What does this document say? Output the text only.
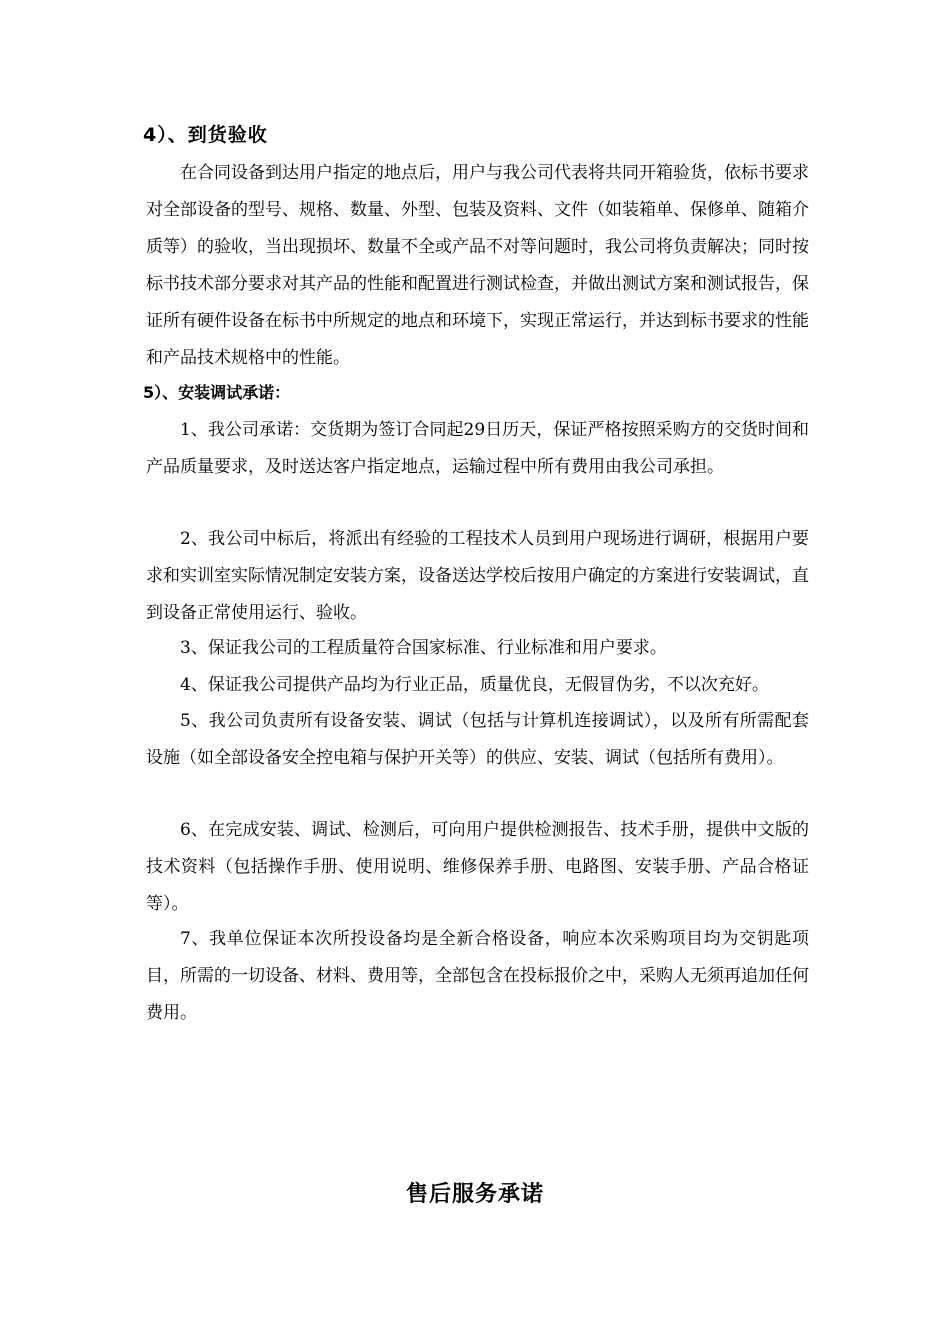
4）、到货验收

在合同设备到达用户指定的地点后，用户与我公司代表将共同开箱验货，依标书要求对全部设备的型号、规格、数量、外型、包装及资料、文件（如装箱单、保修单、随箱介质等）的验收，当出现损坏、数量不全或产品不对等问题时，我公司将负责解决；同时按标书技术部分要求对其产品的性能和配置进行测试检查，并做出测试方案和测试报告，保证所有硬件设备在标书中所规定的地点和环境下，实现正常运行，并达到标书要求的性能和产品技术规格中的性能。

5）、安装调试承诺：

1、我公司承诺：交货期为签订合同起29日历天，保证严格按照采购方的交货时间和产品质量要求，及时送达客户指定地点，运输过程中所有费用由我公司承担。

2、我公司中标后，将派出有经验的工程技术人员到用户现场进行调研，根据用户要求和实训室实际情况制定安装方案，设备送达学校后按用户确定的方案进行安装调试，直到设备正常使用运行、验收。

3、保证我公司的工程质量符合国家标准、行业标准和用户要求。

4、保证我公司提供产品均为行业正品，质量优良，无假冒伪劣，不以次充好。

5、我公司负责所有设备安装、调试（包括与计算机连接调试），以及所有所需配套设施（如全部设备安全控电箱与保护开关等）的供应、安装、调试（包括所有费用）。

6、在完成安装、调试、检测后，可向用户提供检测报告、技术手册，提供中文版的技术资料（包括操作手册、使用说明、维修保养手册、电路图、安装手册、产品合格证等）。

7、我单位保证本次所投设备均是全新合格设备，响应本次采购项目均为交钥匙项目，所需的一切设备、材料、费用等，全部包含在投标报价之中，采购人无须再追加任何费用。

售后服务承诺
